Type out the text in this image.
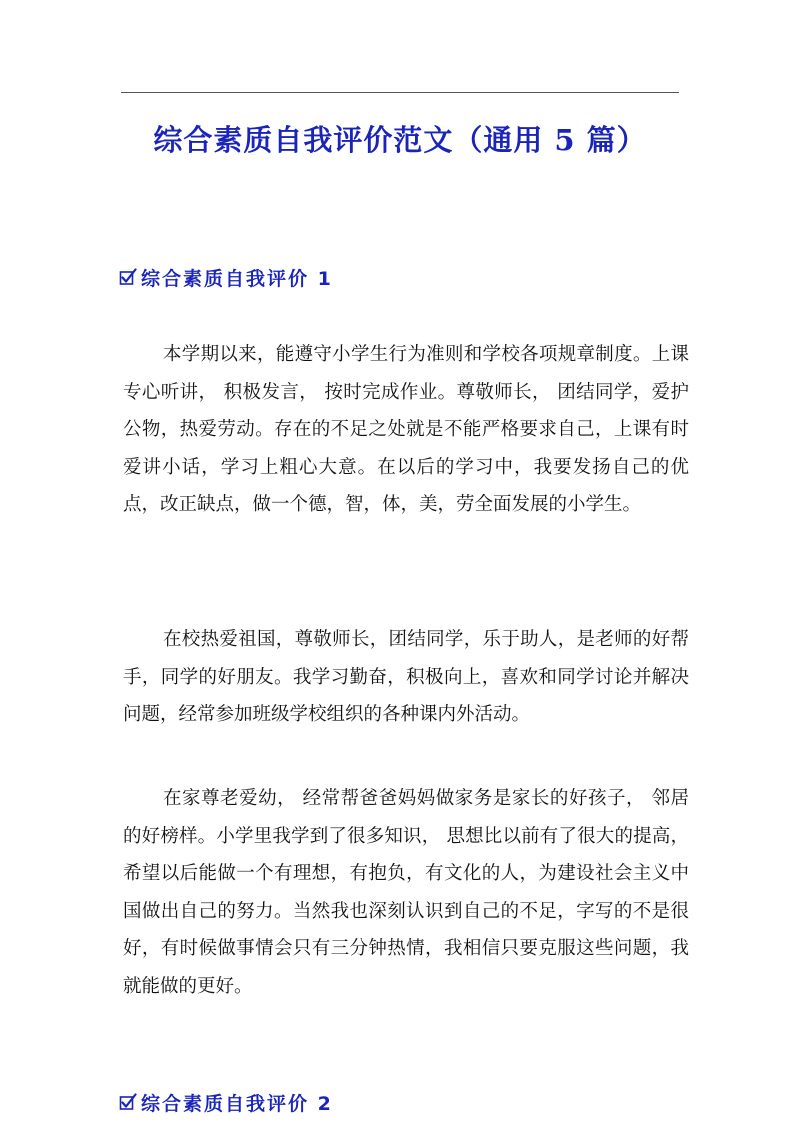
综合素质自我评价范文（通用 5 篇）
综合素质自我评价 1

本学期以来，能遵守小学生行为准则和学校各项规章制度。上课专心听讲， 积极发言， 按时完成作业。尊敬师长， 团结同学，爱护公物，热爱劳动。存在的不足之处就是不能严格要求自己，上课有时爱讲小话，学习上粗心大意。在以后的学习中，我要发扬自己的优点，改正缺点，做一个德，智，体，美，劳全面发展的小学生。

在校热爱祖国，尊敬师长，团结同学，乐于助人，是老师的好帮手，同学的好朋友。我学习勤奋，积极向上，喜欢和同学讨论并解决问题，经常参加班级学校组织的各种课内外活动。

在家尊老爱幼， 经常帮爸爸妈妈做家务是家长的好孩子， 邻居的好榜样。小学里我学到了很多知识， 思想比以前有了很大的提高，希望以后能做一个有理想，有抱负，有文化的人，为建设社会主义中国做出自己的努力。当然我也深刻认识到自己的不足，字写的不是很好，有时候做事情会只有三分钟热情，我相信只要克服这些问题，我就能做的更好。

综合素质自我评价 2
